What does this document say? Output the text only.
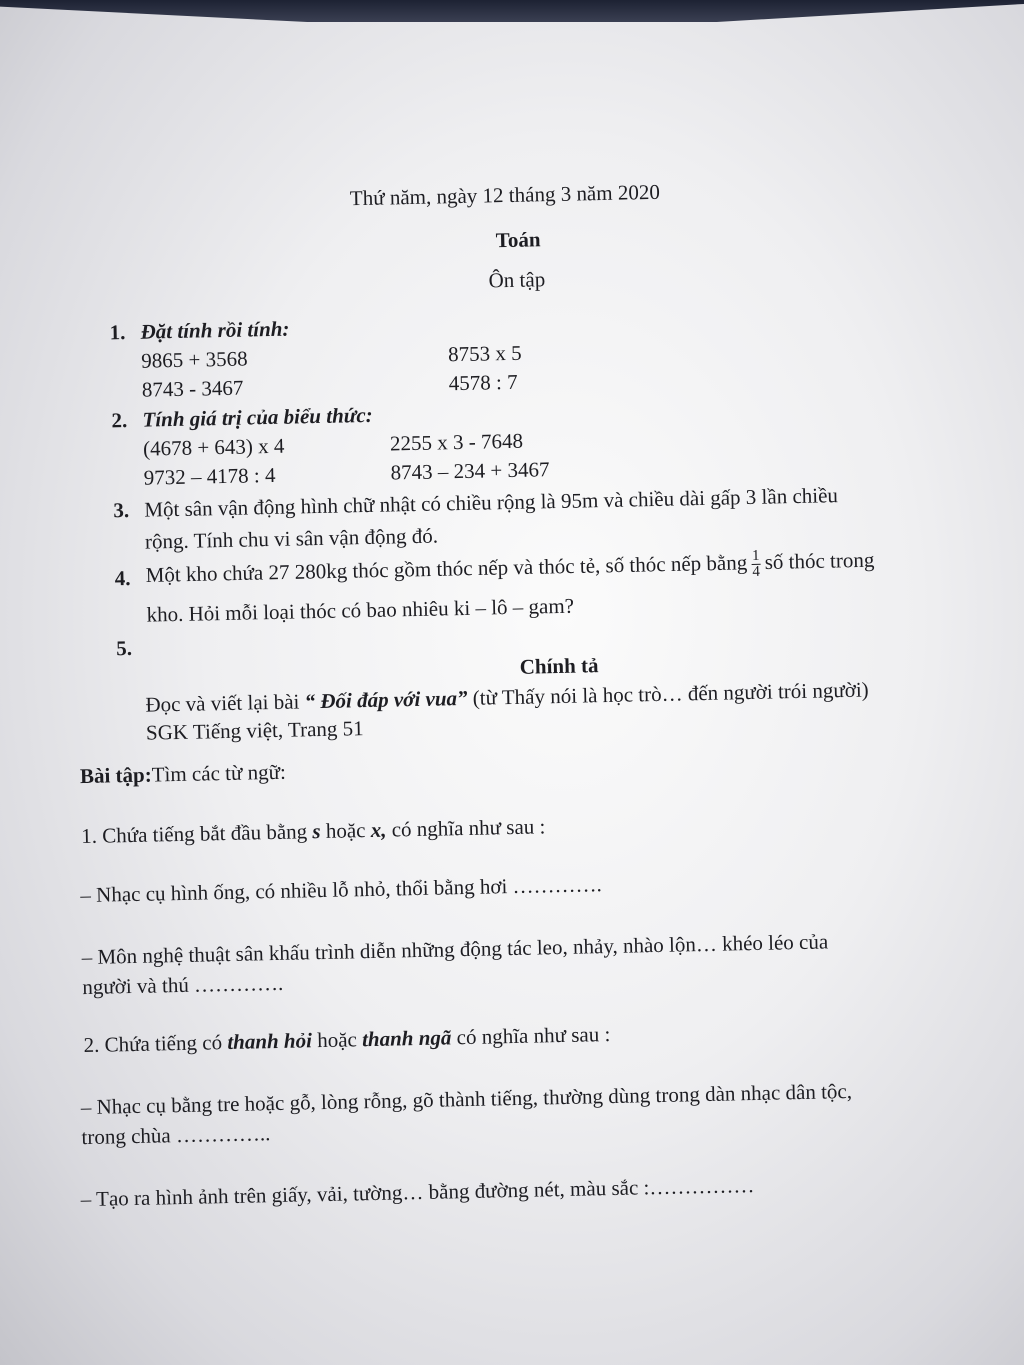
Thứ năm, ngày 12 tháng 3 năm 2020
Toán
Ôn tập
1. Đặt tính rồi tính:
9865 + 3568	8753 x 5
8743 - 3467	4578 : 7
2. Tính giá trị của biểu thức:
(4678 + 643) x 4	2255 x 3 - 7648
9732 – 4178 : 4	8743 – 234 + 3467
3. Một sân vận động hình chữ nhật có chiều rộng là 95m và chiều dài gấp 3 lần chiều
rộng. Tính chu vi sân vận động đó.
4. Một kho chứa 27 280kg thóc gồm thóc nếp và thóc tẻ, số thóc nếp bằng $\frac{1}{4}$ số thóc trong
kho. Hỏi mỗi loại thóc có bao nhiêu ki – lô – gam?
5.
Chính tả
Đọc và viết lại bài “ Đối đáp với vua” (từ Thấy nói là học trò… đến người trói người)
SGK Tiếng việt, Trang 51
Bài tập:Tìm các từ ngữ:
1. Chứa tiếng bắt đầu bằng s hoặc x, có nghĩa như sau :
– Nhạc cụ hình ống, có nhiều lỗ nhỏ, thổi bằng hơi ………….
– Môn nghệ thuật sân khấu trình diễn những động tác leo, nhảy, nhào lộn… khéo léo của
người và thú ………….
2. Chứa tiếng có thanh hỏi hoặc thanh ngã có nghĩa như sau :
– Nhạc cụ bằng tre hoặc gỗ, lòng rỗng, gõ thành tiếng, thường dùng trong dàn nhạc dân tộc,
trong chùa …………..
– Tạo ra hình ảnh trên giấy, vải, tường… bằng đường nét, màu sắc :……………
